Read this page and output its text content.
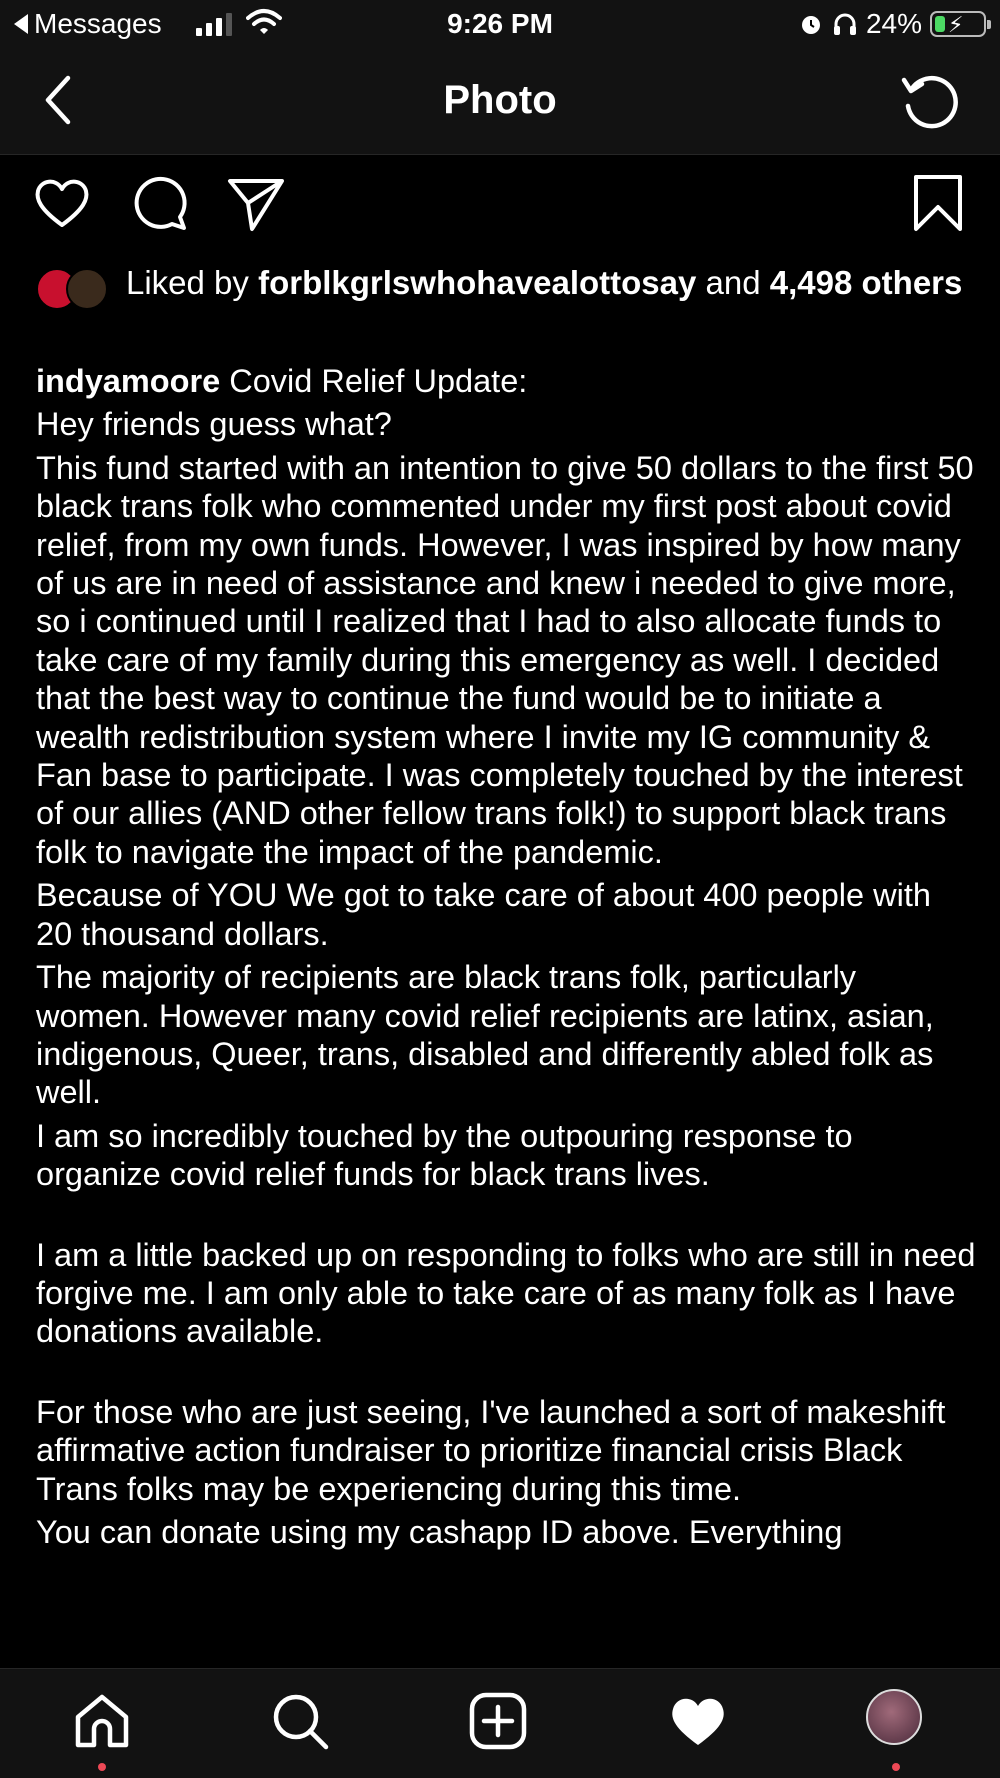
Messages	9:26 PM	24% ⚡
Photo
Liked by forblkgrlswhohavealottosay and 4,498 others

indyamoore Covid Relief Update:

Hey friends guess what?

This fund started with an intention to give 50 dollars to the first 50 black trans folk who commented under my first post about covid relief, from my own funds. However, I was inspired by how many of us are in need of assistance and knew i needed to give more, so i continued until I realized that I had to also allocate funds to take care of my family during this emergency as well. I decided that the best way to continue the fund would be to initiate a wealth redistribution system where I invite my IG community & Fan base to participate. I was completely touched by the interest of our allies (AND other fellow trans folk!) to support black trans folk to navigate the impact of the pandemic.

Because of YOU We got to take care of about 400 people with 20 thousand dollars.

The majority of recipients are black trans folk, particularly women. However many covid relief recipients are latinx, asian, indigenous, Queer, trans, disabled and differently abled folk as well.

I am so incredibly touched by the outpouring response to organize covid relief funds for black trans lives.

I am a little backed up on responding to folks who are still in need forgive me. I am only able to take care of as many folk as I have donations available.

For those who are just seeing, I've launched a sort of makeshift affirmative action fundraiser to prioritize financial crisis Black Trans folks may be experiencing during this time.

You can donate using my cashapp ID above. Everything
